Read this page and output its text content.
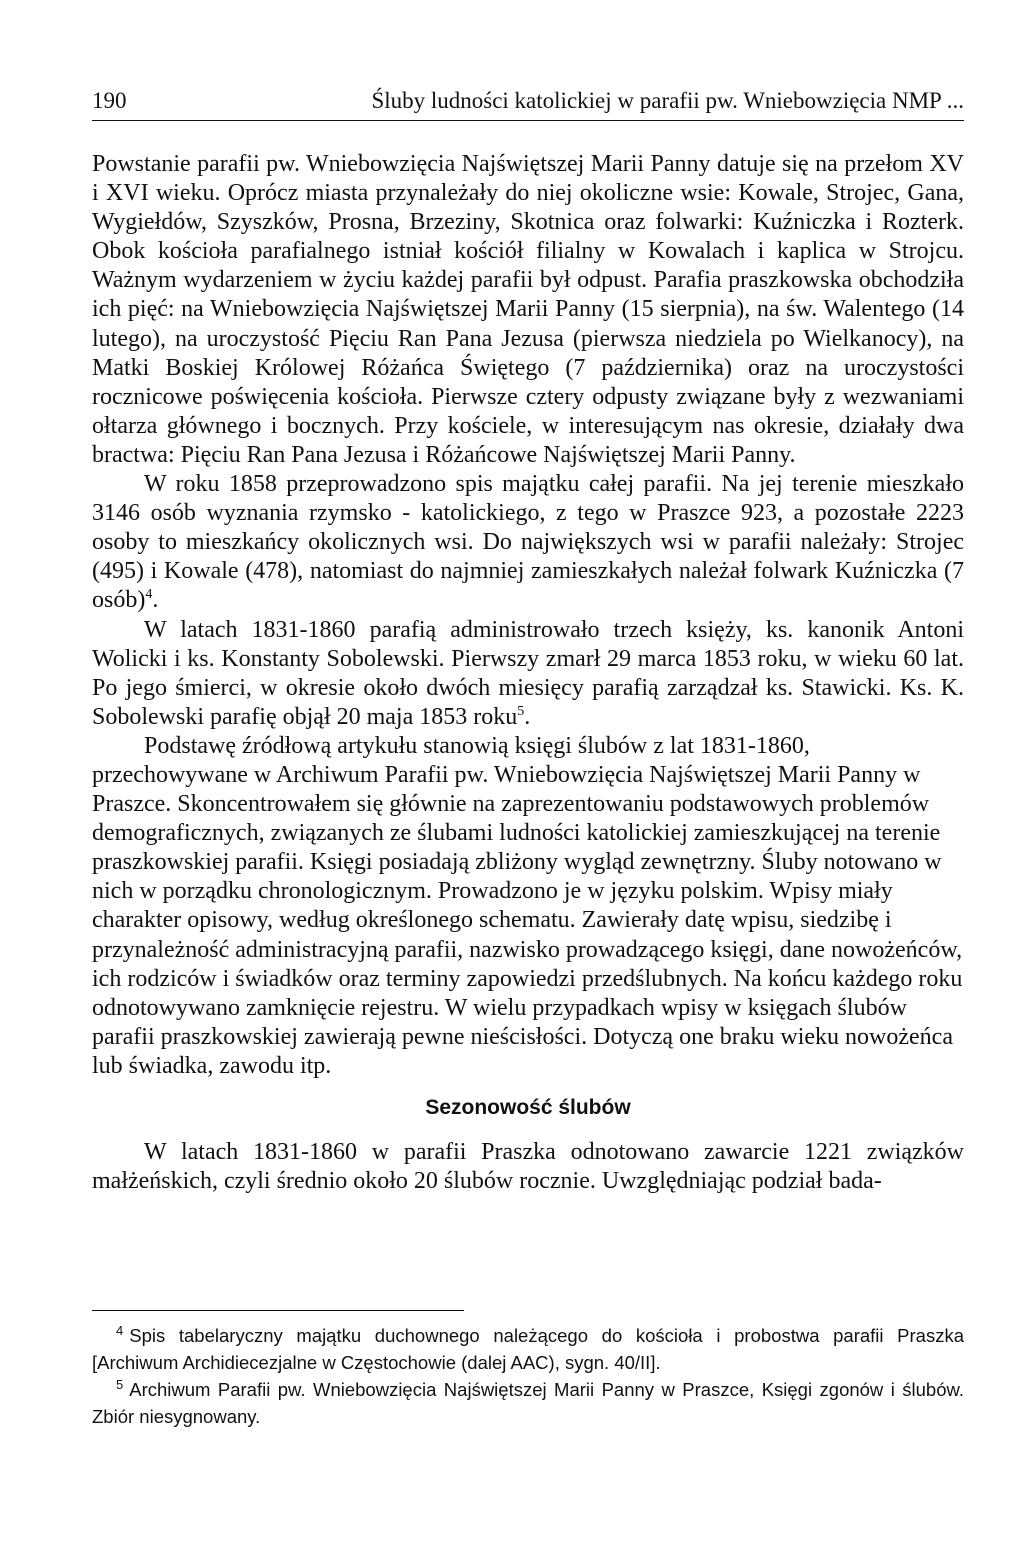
190	Śluby ludności katolickiej w parafii pw. Wniebowzięcia NMP ...

Powstanie parafii pw. Wniebowzięcia Najświętszej Marii Panny datuje się na przełom XV i XVI wieku. Oprócz miasta przynależały do niej okoliczne wsie: Kowale, Strojec, Gana, Wygiełdów, Szyszków, Prosna, Brzeziny, Skotnica oraz folwarki: Kuźniczka i Rozterk. Obok kościoła parafialnego istniał kościół filialny w Kowalach i kaplica w Strojcu. Ważnym wydarzeniem w życiu każdej parafii był odpust. Parafia praszkowska obchodziła ich pięć: na Wniebowzięcia Najświętszej Marii Panny (15 sierpnia), na św. Walentego (14 lutego), na uroczystość Pięciu Ran Pana Jezusa (pierwsza niedziela po Wielkanocy), na Matki Boskiej Królowej Różańca Świętego (7 października) oraz na uroczystości rocznicowe poświęcenia kościoła. Pierwsze cztery odpusty związane były z wezwaniami ołtarza głównego i bocznych. Przy kościele, w interesującym nas okresie, działały dwa bractwa: Pięciu Ran Pana Jezusa i Różańcowe Najświętszej Marii Panny.

W roku 1858 przeprowadzono spis majątku całej parafii. Na jej terenie mieszkało 3146 osób wyznania rzymsko - katolickiego, z tego w Praszce 923, a pozostałe 2223 osoby to mieszkańcy okolicznych wsi. Do największych wsi w parafii należały: Strojec (495) i Kowale (478), natomiast do najmniej zamieszkałych należał folwark Kuźniczka (7 osób)$^4$.

W latach 1831-1860 parafią administrowało trzech księży, ks. kanonik Antoni Wolicki i ks. Konstanty Sobolewski. Pierwszy zmarł 29 marca 1853 roku, w wieku 60 lat. Po jego śmierci, w okresie około dwóch miesięcy parafią zarządzał ks. Stawicki. Ks. K. Sobolewski parafię objął 20 maja 1853 roku$^5$.

Podstawę źródłową artykułu stanowią księgi ślubów z lat 1831-1860, przechowywane w Archiwum Parafii pw. Wniebowzięcia Najświętszej Marii Panny w Praszce. Skoncentrowałem się głównie na zaprezentowaniu podstawowych problemów demograficznych, związanych ze ślubami ludności katolickiej zamieszkującej na terenie praszkowskiej parafii. Księgi posiadają zbliżony wygląd zewnętrzny. Śluby notowano w nich w porządku chronologicznym. Prowadzono je w języku polskim. Wpisy miały charakter opisowy, według określonego schematu. Zawierały datę wpisu, siedzibę i przynależność administracyjną parafii, nazwisko prowadzącego księgi, dane nowożeńców, ich rodziców i świadków oraz terminy zapowiedzi przedślubnych. Na końcu każdego roku odnotowywano zamknięcie rejestru. W wielu przypadkach wpisy w księgach ślubów parafii praszkowskiej zawierają pewne nieścisłości. Dotyczą one braku wieku nowożeńca lub świadka, zawodu itp.

Sezonowość ślubów

W latach 1831-1860 w parafii Praszka odnotowano zawarcie 1221 związków małżeńskich, czyli średnio około 20 ślubów rocznie. Uwzględniając podział bada-

$^4$ Spis tabelaryczny majątku duchownego należącego do kościoła i probostwa parafii Praszka [Archiwum Archidiecezjalne w Częstochowie (dalej AAC), sygn. 40/II].

$^5$ Archiwum Parafii pw. Wniebowzięcia Najświętszej Marii Panny w Praszce, Księgi zgonów i ślubów. Zbiór niesygnowany.
